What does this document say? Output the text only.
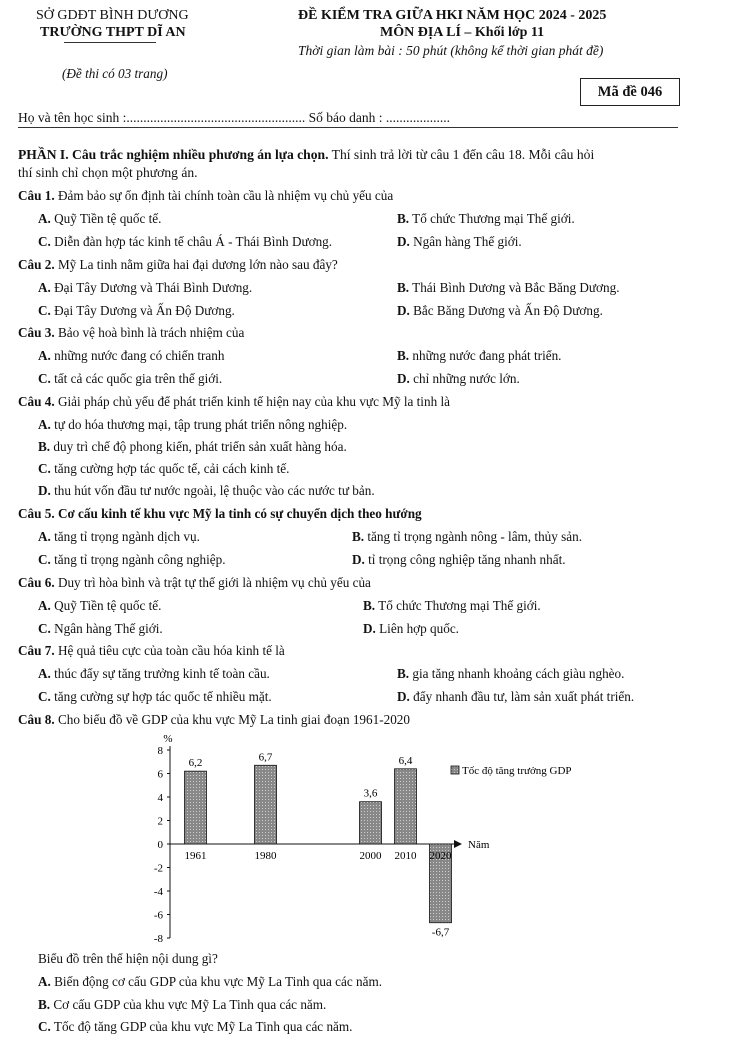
SỞ GDĐT BÌNH DƯƠNG
TRƯỜNG THPT DĨ AN
(Đề thi có 03 trang)
ĐỀ KIỂM TRA GIỮA HKI NĂM HỌC 2024 - 2025
MÔN ĐỊA LÍ – Khối lớp 11
Thời gian làm bài : 50 phút (không kể thời gian phát đề)
Mã đề 046
Họ và tên học sinh :..................................................... Số báo danh : ...................
PHẦN I. Câu trắc nghiệm nhiều phương án lựa chọn. Thí sinh trả lời từ câu 1 đến câu 18. Mỗi câu hỏi
thí sinh chỉ chọn một phương án.
Câu 1. Đảm bảo sự ổn định tài chính toàn cầu là nhiệm vụ chủ yếu của
A. Quỹ Tiền tệ quốc tế.	B. Tổ chức Thương mại Thế giới.
C. Diễn đàn hợp tác kinh tế châu Á - Thái Bình Dương.	D. Ngân hàng Thế giới.
Câu 2. Mỹ La tinh nằm giữa hai đại dương lớn nào sau đây?
A. Đại Tây Dương và Thái Bình Dương.	B. Thái Bình Dương và Bắc Băng Dương.
C. Đại Tây Dương và Ấn Độ Dương.	D. Bắc Băng Dương và Ấn Độ Dương.
Câu 3. Bảo vệ hoà bình là trách nhiệm của
A. những nước đang có chiến tranh	B. những nước đang phát triển.
C. tất cả các quốc gia trên thế giới.	D. chỉ những nước lớn.
Câu 4. Giải pháp chủ yếu để phát triển kinh tế hiện nay của khu vực Mỹ la tinh là
A. tự do hóa thương mại, tập trung phát triển nông nghiệp.
B. duy trì chế độ phong kiến, phát triển sản xuất hàng hóa.
C. tăng cường hợp tác quốc tế, cải cách kinh tế.
D. thu hút vốn đầu tư nước ngoài, lệ thuộc vào các nước tư bản.
Câu 5. Cơ cấu kinh tế khu vực Mỹ la tinh có sự chuyển dịch theo hướng
A. tăng tỉ trọng ngành dịch vụ.	B. tăng tỉ trọng ngành nông - lâm, thủy sản.
C. tăng tỉ trọng ngành công nghiệp.	D. tỉ trọng công nghiệp tăng nhanh nhất.
Câu 6. Duy trì hòa bình và trật tự thế giới là nhiệm vụ chủ yếu của
A. Quỹ Tiền tệ quốc tế.	B. Tổ chức Thương mại Thế giới.
C. Ngân hàng Thế giới.	D. Liên hợp quốc.
Câu 7. Hệ quả tiêu cực của toàn cầu hóa kinh tế là
A. thúc đẩy sự tăng trưởng kinh tế toàn cầu.	B. gia tăng nhanh khoảng cách giàu nghèo.
C. tăng cường sự hợp tác quốc tế nhiều mặt.	D. đẩy nhanh đầu tư, làm sản xuất phát triển.
Câu 8. Cho biểu đồ về GDP của khu vực Mỹ La tinh giai đoạn 1961-2020
%
8
6
4
2
0
-2
-4
-6
-8
Năm
6,2
1961
6,7
1980
3,6
2000
6,4
2010
-6,7
2020
Tốc độ tăng trưởng GDP
Biểu đồ trên thể hiện nội dung gì?
A. Biến động cơ cấu GDP của khu vực Mỹ La Tinh qua các năm.
B. Cơ cấu GDP của khu vực Mỹ La Tinh qua các năm.
C. Tốc độ tăng GDP của khu vực Mỹ La Tinh qua các năm.
